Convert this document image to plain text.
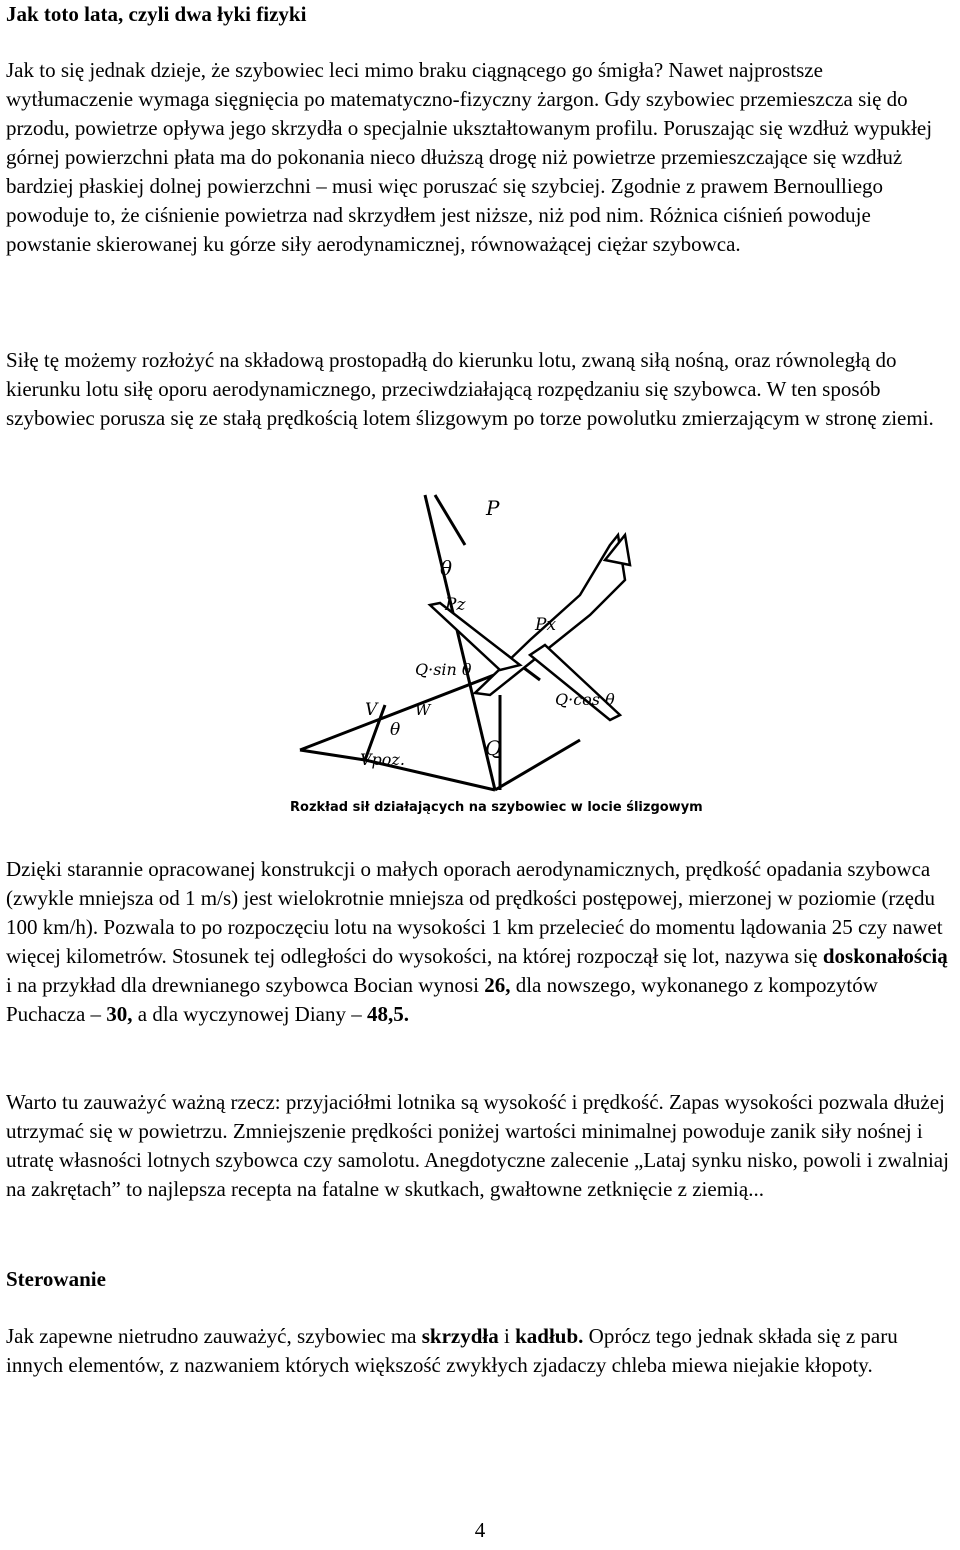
Jak toto lata, czyli dwa łyki fizyki

Jak to się jednak dzieje, że szybowiec leci mimo braku ciągnącego go śmigła? Nawet najprostsze wytłumaczenie wymaga sięgnięcia po matematyczno-fizyczny żargon. Gdy szybowiec przemieszcza się do przodu, powietrze opływa jego skrzydła o specjalnie ukształtowanym profilu. Poruszając się wzdłuż wypukłej górnej powierzchni płata ma do pokonania nieco dłuższą drogę niż powietrze przemieszczające się wzdłuż bardziej płaskiej dolnej powierzchni – musi więc poruszać się szybciej. Zgodnie z prawem Bernoulliego powoduje to, że ciśnienie powietrza nad skrzydłem jest niższe, niż pod nim. Różnica ciśnień powoduje powstanie skierowanej ku górze siły aerodynamicznej, równoważącej ciężar szybowca.

Siłę tę możemy rozłożyć na składową prostopadłą do kierunku lotu, zwaną siłą nośną, oraz równoległą do kierunku lotu siłę oporu aerodynamicznego, przeciwdziałającą rozpędzaniu się szybowca. W ten sposób szybowiec porusza się ze stałą prędkością lotem ślizgowym po torze powolutku zmierzającym w stronę ziemi.

P
θ
Pz
Px
Q·sin θ
Q·cos θ
Q
V
θ
W
Vpoz.
Rozkład sił działających na szybowiec w locie ślizgowym

Dzięki starannie opracowanej konstrukcji o małych oporach aerodynamicznych, prędkość opadania szybowca (zwykle mniejsza od 1 m/s) jest wielokrotnie mniejsza od prędkości postępowej, mierzonej w poziomie (rzędu 100 km/h). Pozwala to po rozpoczęciu lotu na wysokości 1 km przelecieć do momentu lądowania 25 czy nawet więcej kilometrów. Stosunek tej odległości do wysokości, na której rozpoczął się lot, nazywa się doskonałością i na przykład dla drewnianego szybowca Bocian wynosi 26, dla nowszego, wykonanego z kompozytów Puchacza – 30, a dla wyczynowej Diany – 48,5.

Warto tu zauważyć ważną rzecz: przyjaciółmi lotnika są wysokość i prędkość. Zapas wysokości pozwala dłużej utrzymać się w powietrzu. Zmniejszenie prędkości poniżej wartości minimalnej powoduje zanik siły nośnej i utratę własności lotnych szybowca czy samolotu. Anegdotyczne zalecenie „Lataj synku nisko, powoli i zwalniaj na zakrętach” to najlepsza recepta na fatalne w skutkach, gwałtowne zetknięcie z ziemią...

Sterowanie

Jak zapewne nietrudno zauważyć, szybowiec ma skrzydła i kadłub. Oprócz tego jednak składa się z paru innych elementów, z nazwaniem których większość zwykłych zjadaczy chleba miewa niejakie kłopoty.

4
